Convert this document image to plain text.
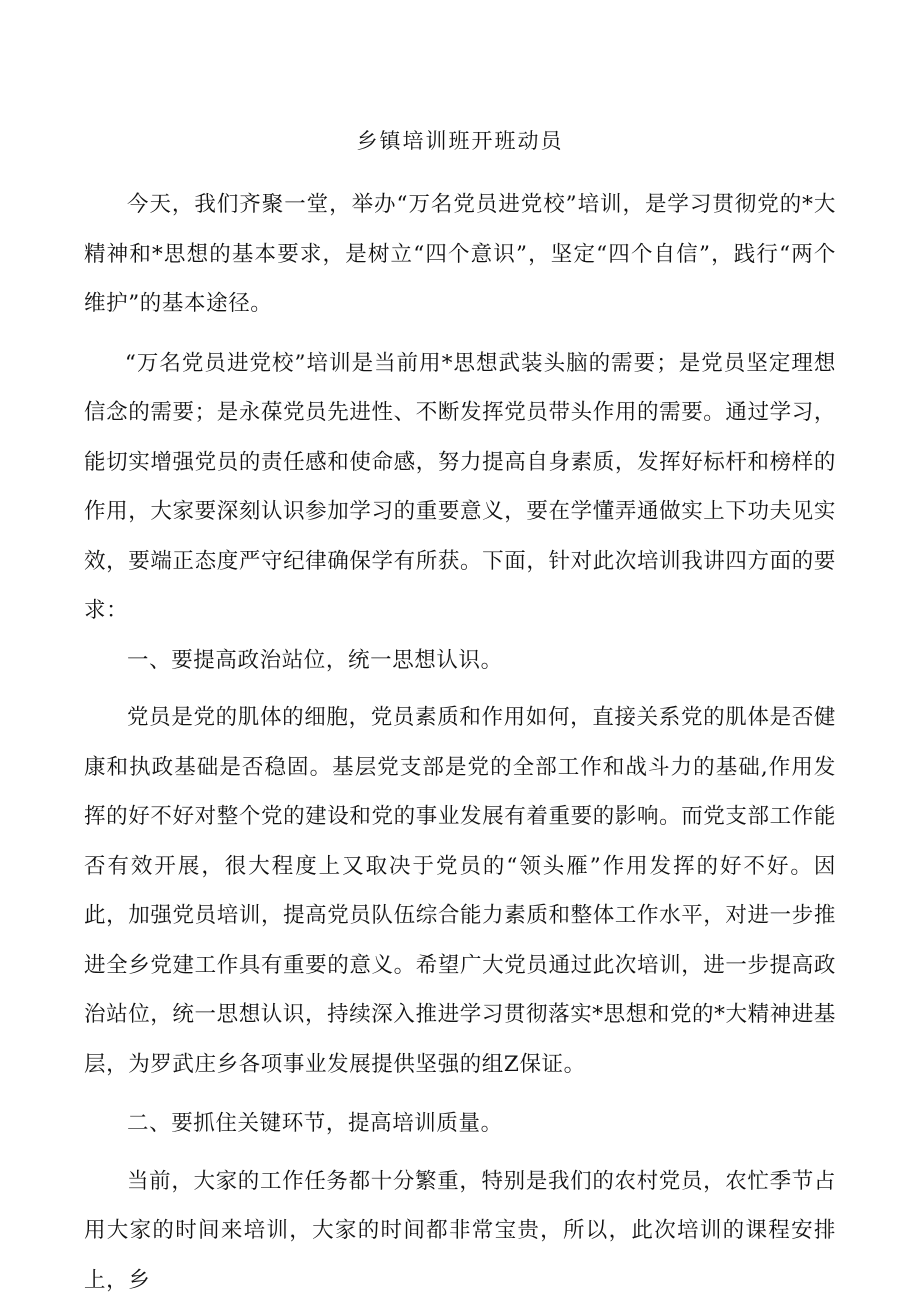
乡镇培训班开班动员

今天，我们齐聚一堂，举办“万名党员进党校”培训，是学习贯彻党的*大精神和*思想的基本要求，是树立“四个意识”，坚定“四个自信”，践行“两个维护”的基本途径。

“万名党员进党校”培训是当前用*思想武装头脑的需要；是党员坚定理想信念的需要；是永葆党员先进性、不断发挥党员带头作用的需要。通过学习，能切实增强党员的责任感和使命感，努力提高自身素质，发挥好标杆和榜样的作用，大家要深刻认识参加学习的重要意义，要在学懂弄通做实上下功夫见实效，要端正态度严守纪律确保学有所获。下面，针对此次培训我讲四方面的要求：

一、要提高政治站位，统一思想认识。

党员是党的肌体的细胞，党员素质和作用如何，直接关系党的肌体是否健康和执政基础是否稳固。基层党支部是党的全部工作和战斗力的基础,作用发挥的好不好对整个党的建设和党的事业发展有着重要的影响。而党支部工作能否有效开展，很大程度上又取决于党员的“领头雁”作用发挥的好不好。因此，加强党员培训，提高党员队伍综合能力素质和整体工作水平，对进一步推进全乡党建工作具有重要的意义。希望广大党员通过此次培训，进一步提高政治站位，统一思想认识，持续深入推进学习贯彻落实*思想和党的*大精神进基层，为罗武庄乡各项事业发展提供坚强的组Z保证。

二、要抓住关键环节，提高培训质量。

当前，大家的工作任务都十分繁重，特别是我们的农村党员，农忙季节占用大家的时间来培训，大家的时间都非常宝贵，所以，此次培训的课程安排上，乡
